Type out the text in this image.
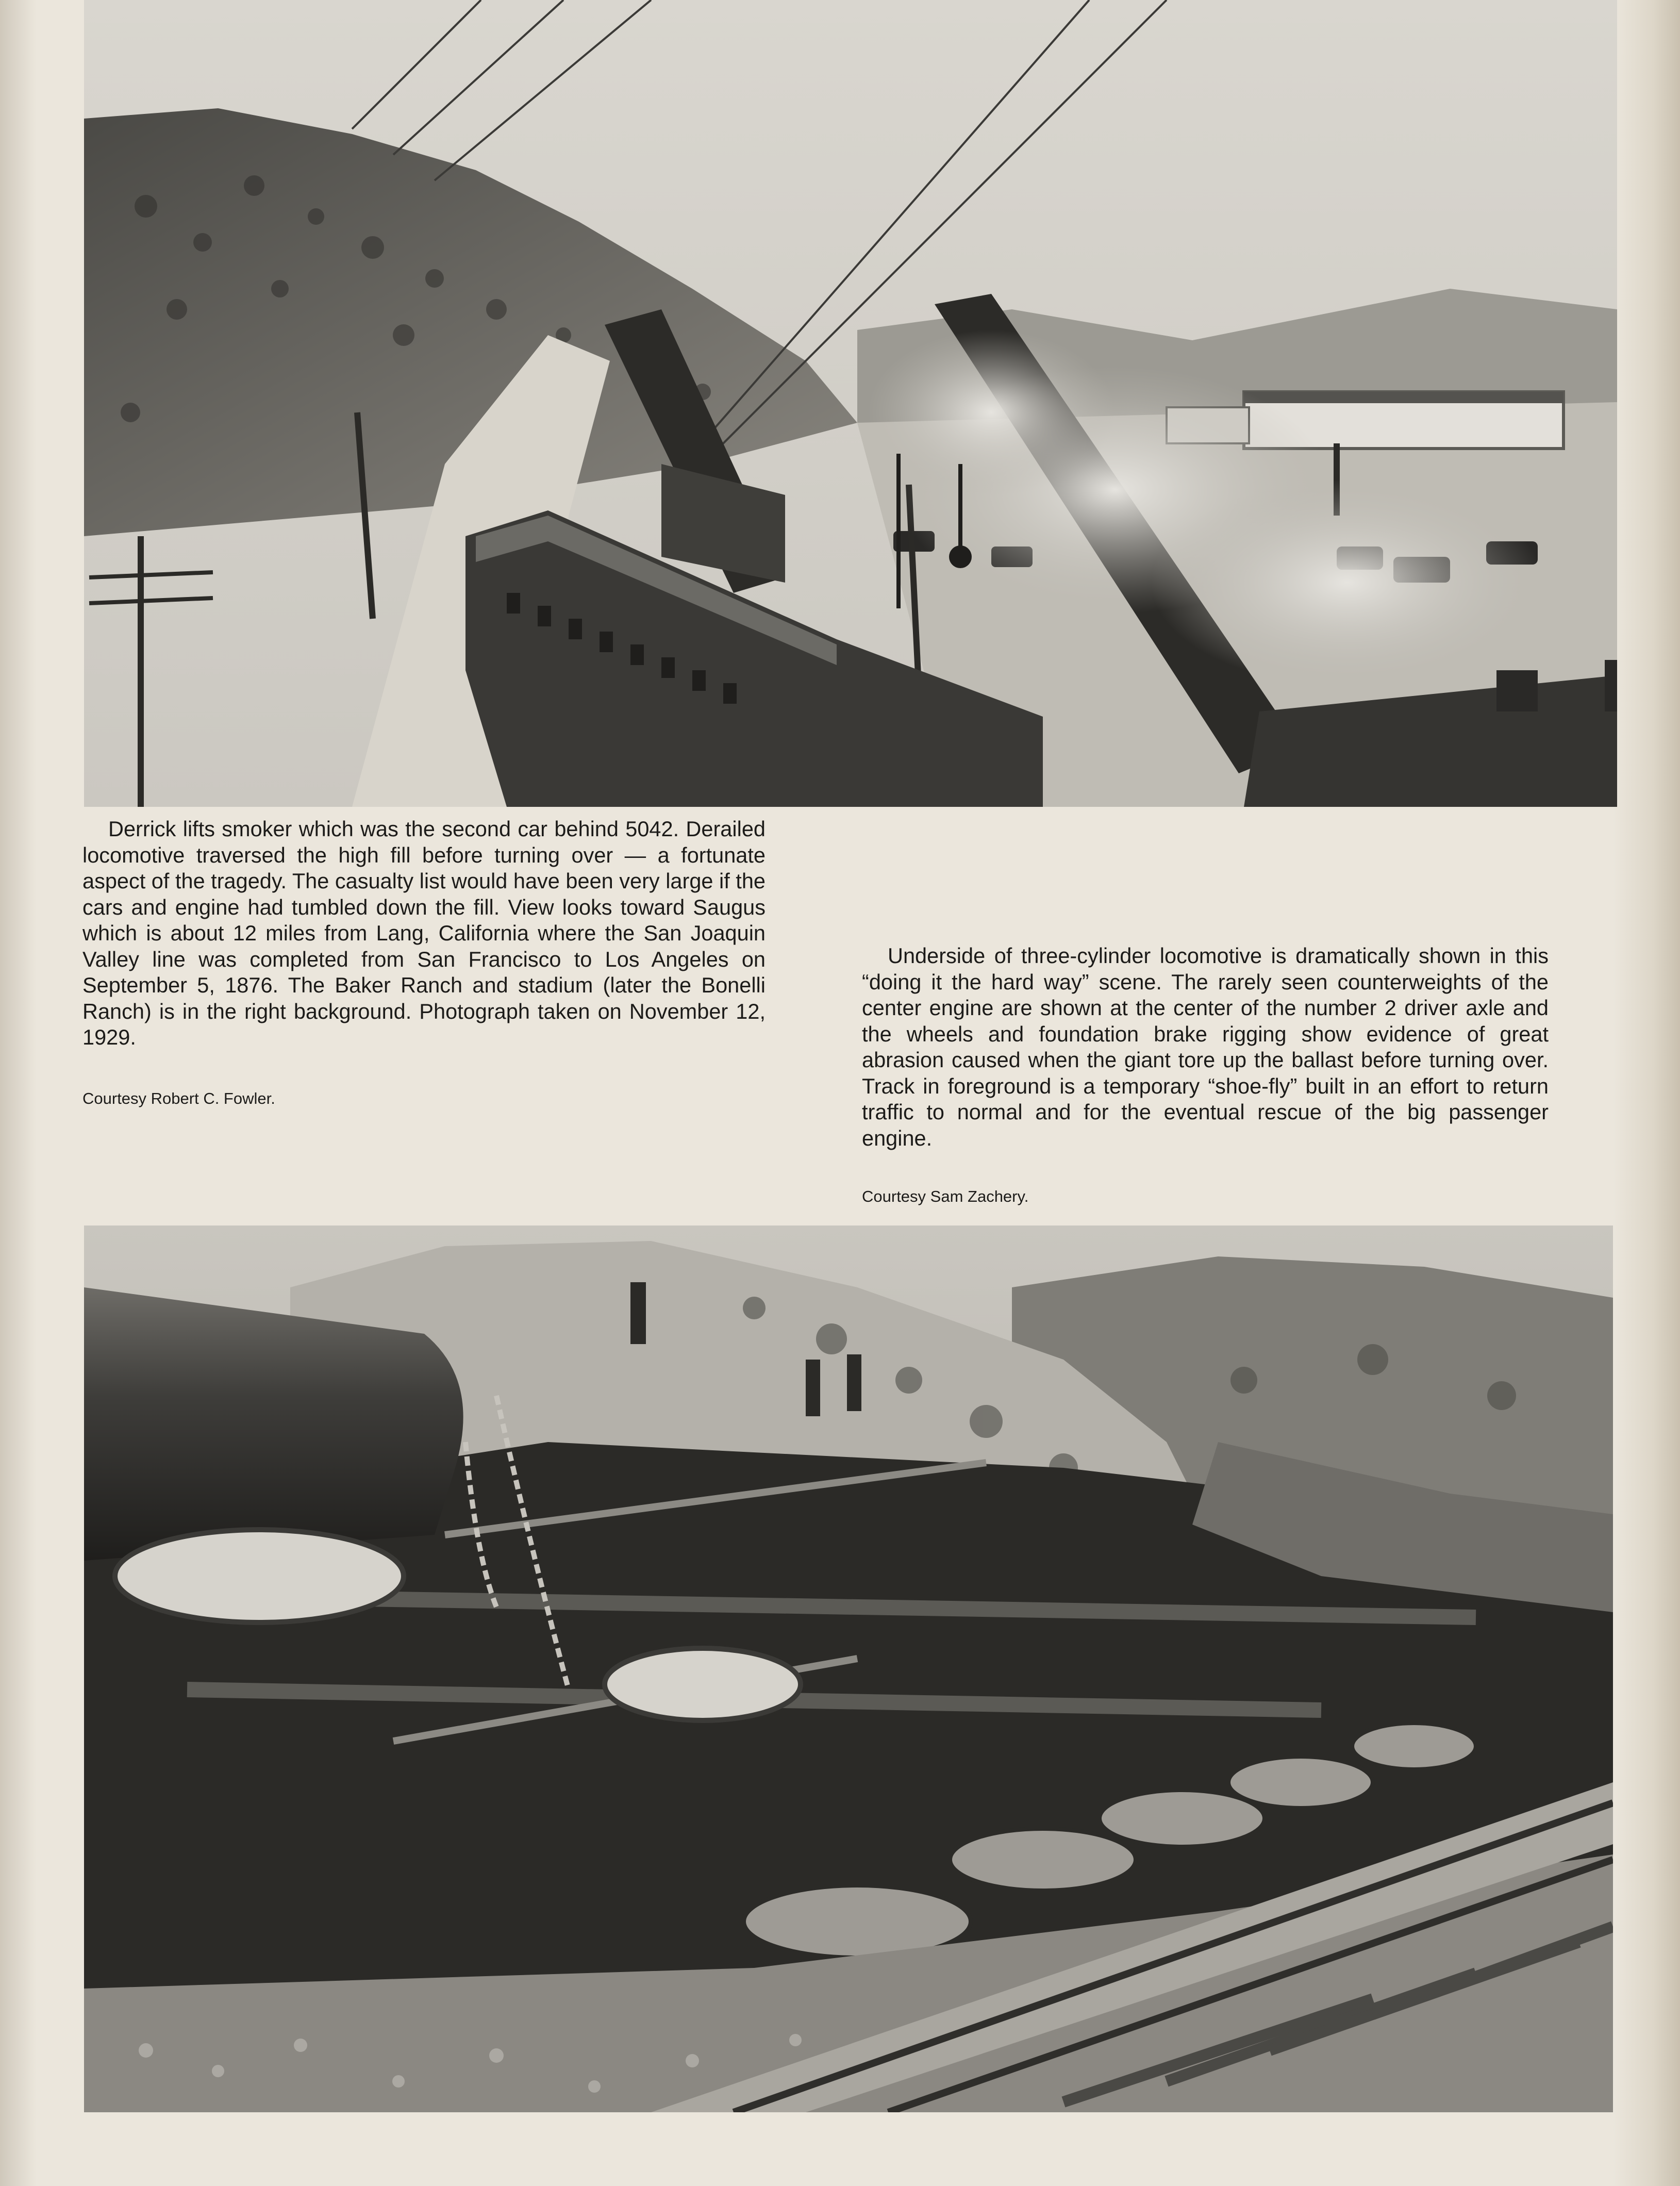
Derrick lifts smoker which was the second car behind 5042. Derailed locomotive traversed the high fill before turning over — a fortunate aspect of the tragedy. The casualty list would have been very large if the cars and engine had tumbled down the fill. View looks toward Saugus which is about 12 miles from Lang, California where the San Joaquin Valley line was completed from San Francisco to Los Angeles on September 5, 1876. The Baker Ranch and stadium (later the Bonelli Ranch) is in the right background. Photograph taken on November 12, 1929.

Courtesy Robert C. Fowler.

Underside of three-cylinder locomotive is dramatically shown in this “doing it the hard way” scene. The rarely seen counterweights of the center engine are shown at the center of the number 2 driver axle and the wheels and foundation brake rigging show evidence of great abrasion caused when the giant tore up the ballast before turning over. Track in foreground is a temporary “shoe-fly” built in an effort to return traffic to normal and for the eventual rescue of the big passenger engine.

Courtesy Sam Zachery.
